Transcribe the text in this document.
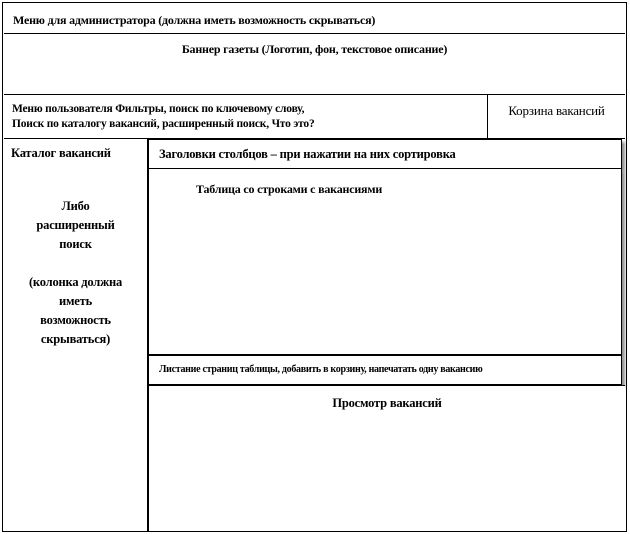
Меню для администратора (должна иметь возможность скрываться)
Баннер газеты (Логотип, фон, текстовое описание)
Меню пользователя Фильтры, поиск по ключевому слову,
Поиск по каталогу вакансий, расширенный поиск, Что это?
Корзина вакансий
Каталог вакансий
Либо
расширенный
поиск
(колонка должна
иметь
возможность
скрываться)
Заголовки столбцов – при нажатии на них сортировка
Таблица со строками с вакансиями
Листание страниц таблицы, добавить в корзину, напечатать одну вакансию
Просмотр вакансий
